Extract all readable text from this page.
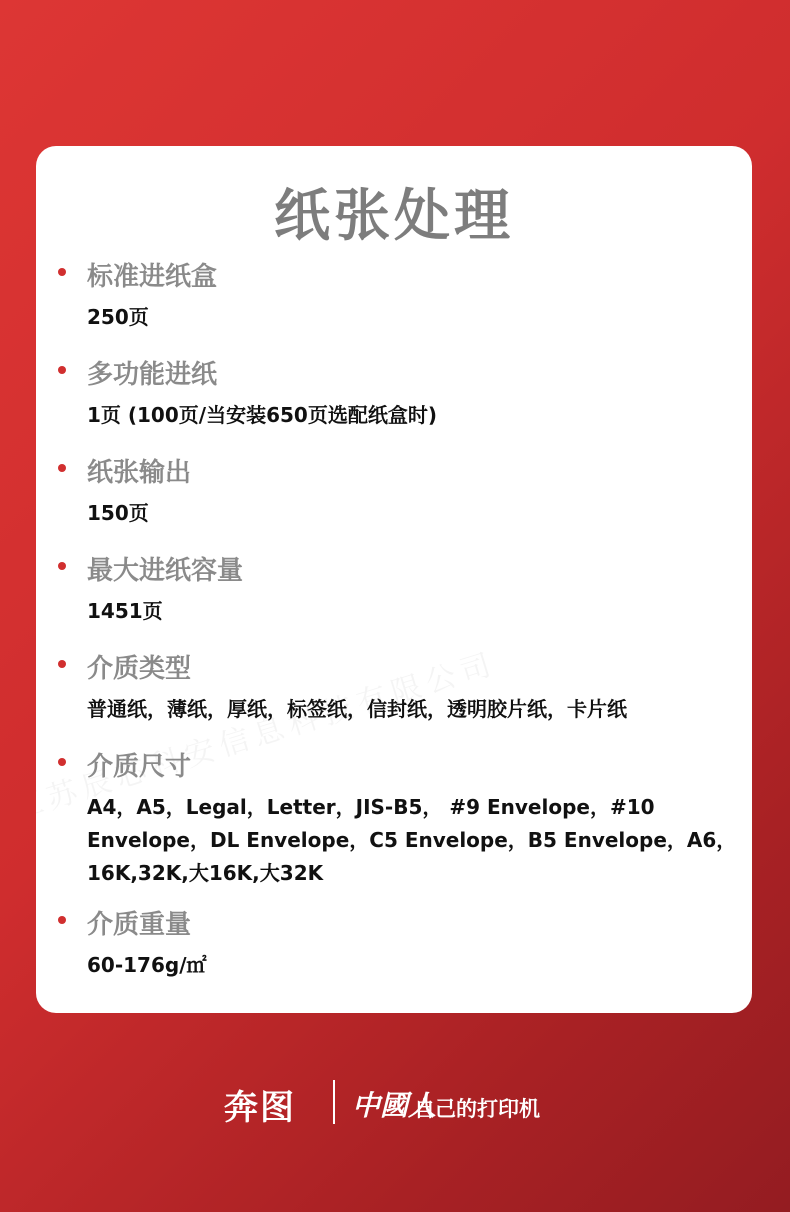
纸张处理
标准进纸盒
250页
多功能进纸
1页 (100页/当安装650页选配纸盒时)
纸张输出
150页
最大进纸容量
1451页
介质类型
普通纸，薄纸，厚纸，标签纸，信封纸，透明胶片纸，卡片纸
介质尺寸
A4，A5，Legal，Letter，JIS-B5， #9 Envelope，#10 Envelope，DL Envelope，C5 Envelope，B5 Envelope，A6，16K,32K,大16K,大32K
介质重量
60-176g/㎡
奔图 中國人
自己的打印机
